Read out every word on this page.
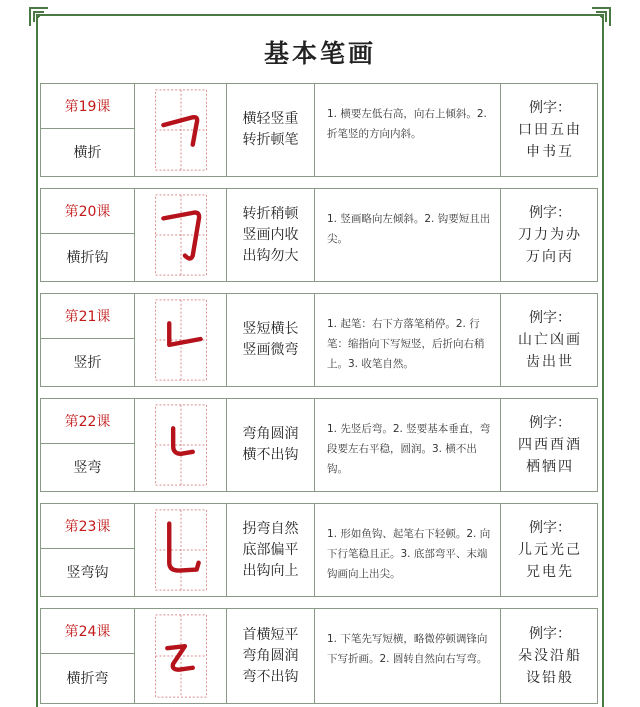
基本笔画
第19课
横折
横轻竖重
转折顿笔
1. 横要左低右高，向右上倾斜。2. 折笔竖的方向内斜。
例字：
口田五由
申书互
第20课
横折钩
转折稍顿
竖画内收
出钩勿大
1. 竖画略向左倾斜。2. 钩要短且出尖。
例字：
刀力为办
万向丙
第21课
竖折
竖短横长
竖画微弯
1. 起笔：右下方落笔稍停。2. 行笔：缩指向下写短竖，后折向右稍上。3. 收笔自然。
例字：
山亡凶画
齿出世
第22课
竖弯
弯角圆润
横不出钩
1. 先竖后弯。2. 竖要基本垂直，弯段要左右平稳，圆润。3. 横不出钩。
例字：
四西酉酒
栖牺四
第23课
竖弯钩
拐弯自然
底部偏平
出钩向上
1. 形如鱼钩、起笔右下轻顿。2. 向下行笔稳且正。3. 底部弯平、末端钩画向上出尖。
例字：
儿元光己
兄电先
第24课
横折弯
首横短平
弯角圆润
弯不出钩
1. 下笔先写短横，略微停顿调锋向下写折画。2. 圆转自然向右写弯。
例字：
朵没沿船
设铅般
